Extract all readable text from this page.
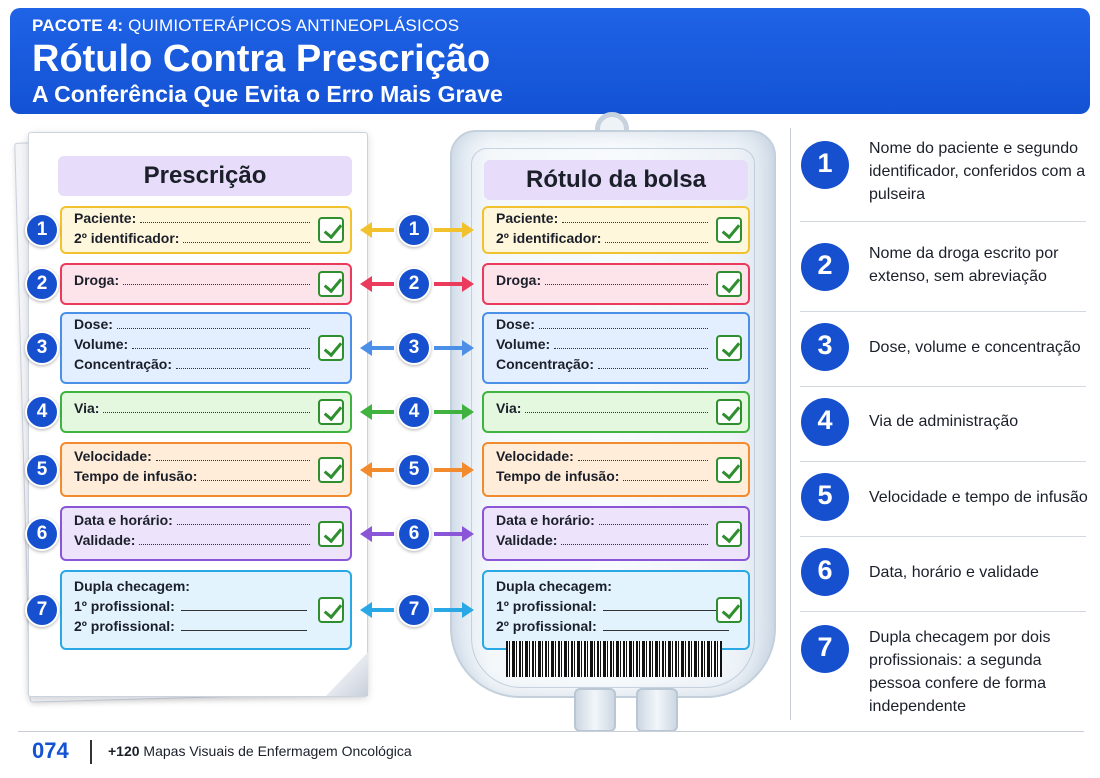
PACOTE 4: QUIMIOTERÁPICOS ANTINEOPLÁSICOS
Rótulo Contra Prescrição
A Conferência Que Evita o Erro Mais Grave
Prescrição	Rótulo da bolsa
Paciente:
2º identificador:
Paciente:
2º identificador:
1	1
Droga:	Droga:
2	2
Dose:
Volume:
Concentração:
Dose:
Volume:
Concentração:
3	3
Via:	Via:
4	4
Velocidade:
Tempo de infusão:
Velocidade:
Tempo de infusão:
5	5
Data e horário:
Validade:
Data e horário:
Validade:
6	6
Dupla checagem:
1º profissional:
2º profissional:
Dupla checagem:
1º profissional:
2º profissional:
7	7
1	Nome do paciente e segundo identificador, conferidos com a pulseira
2	Nome da droga escrito por extenso, sem abreviação
3	Dose, volume e concentração
4	Via de administração
5	Velocidade e tempo de infusão
6	Data, horário e validade
7	Dupla checagem por dois profissionais: a segunda pessoa confere de forma independente
074	+120 Mapas Visuais de Enfermagem Oncológica
